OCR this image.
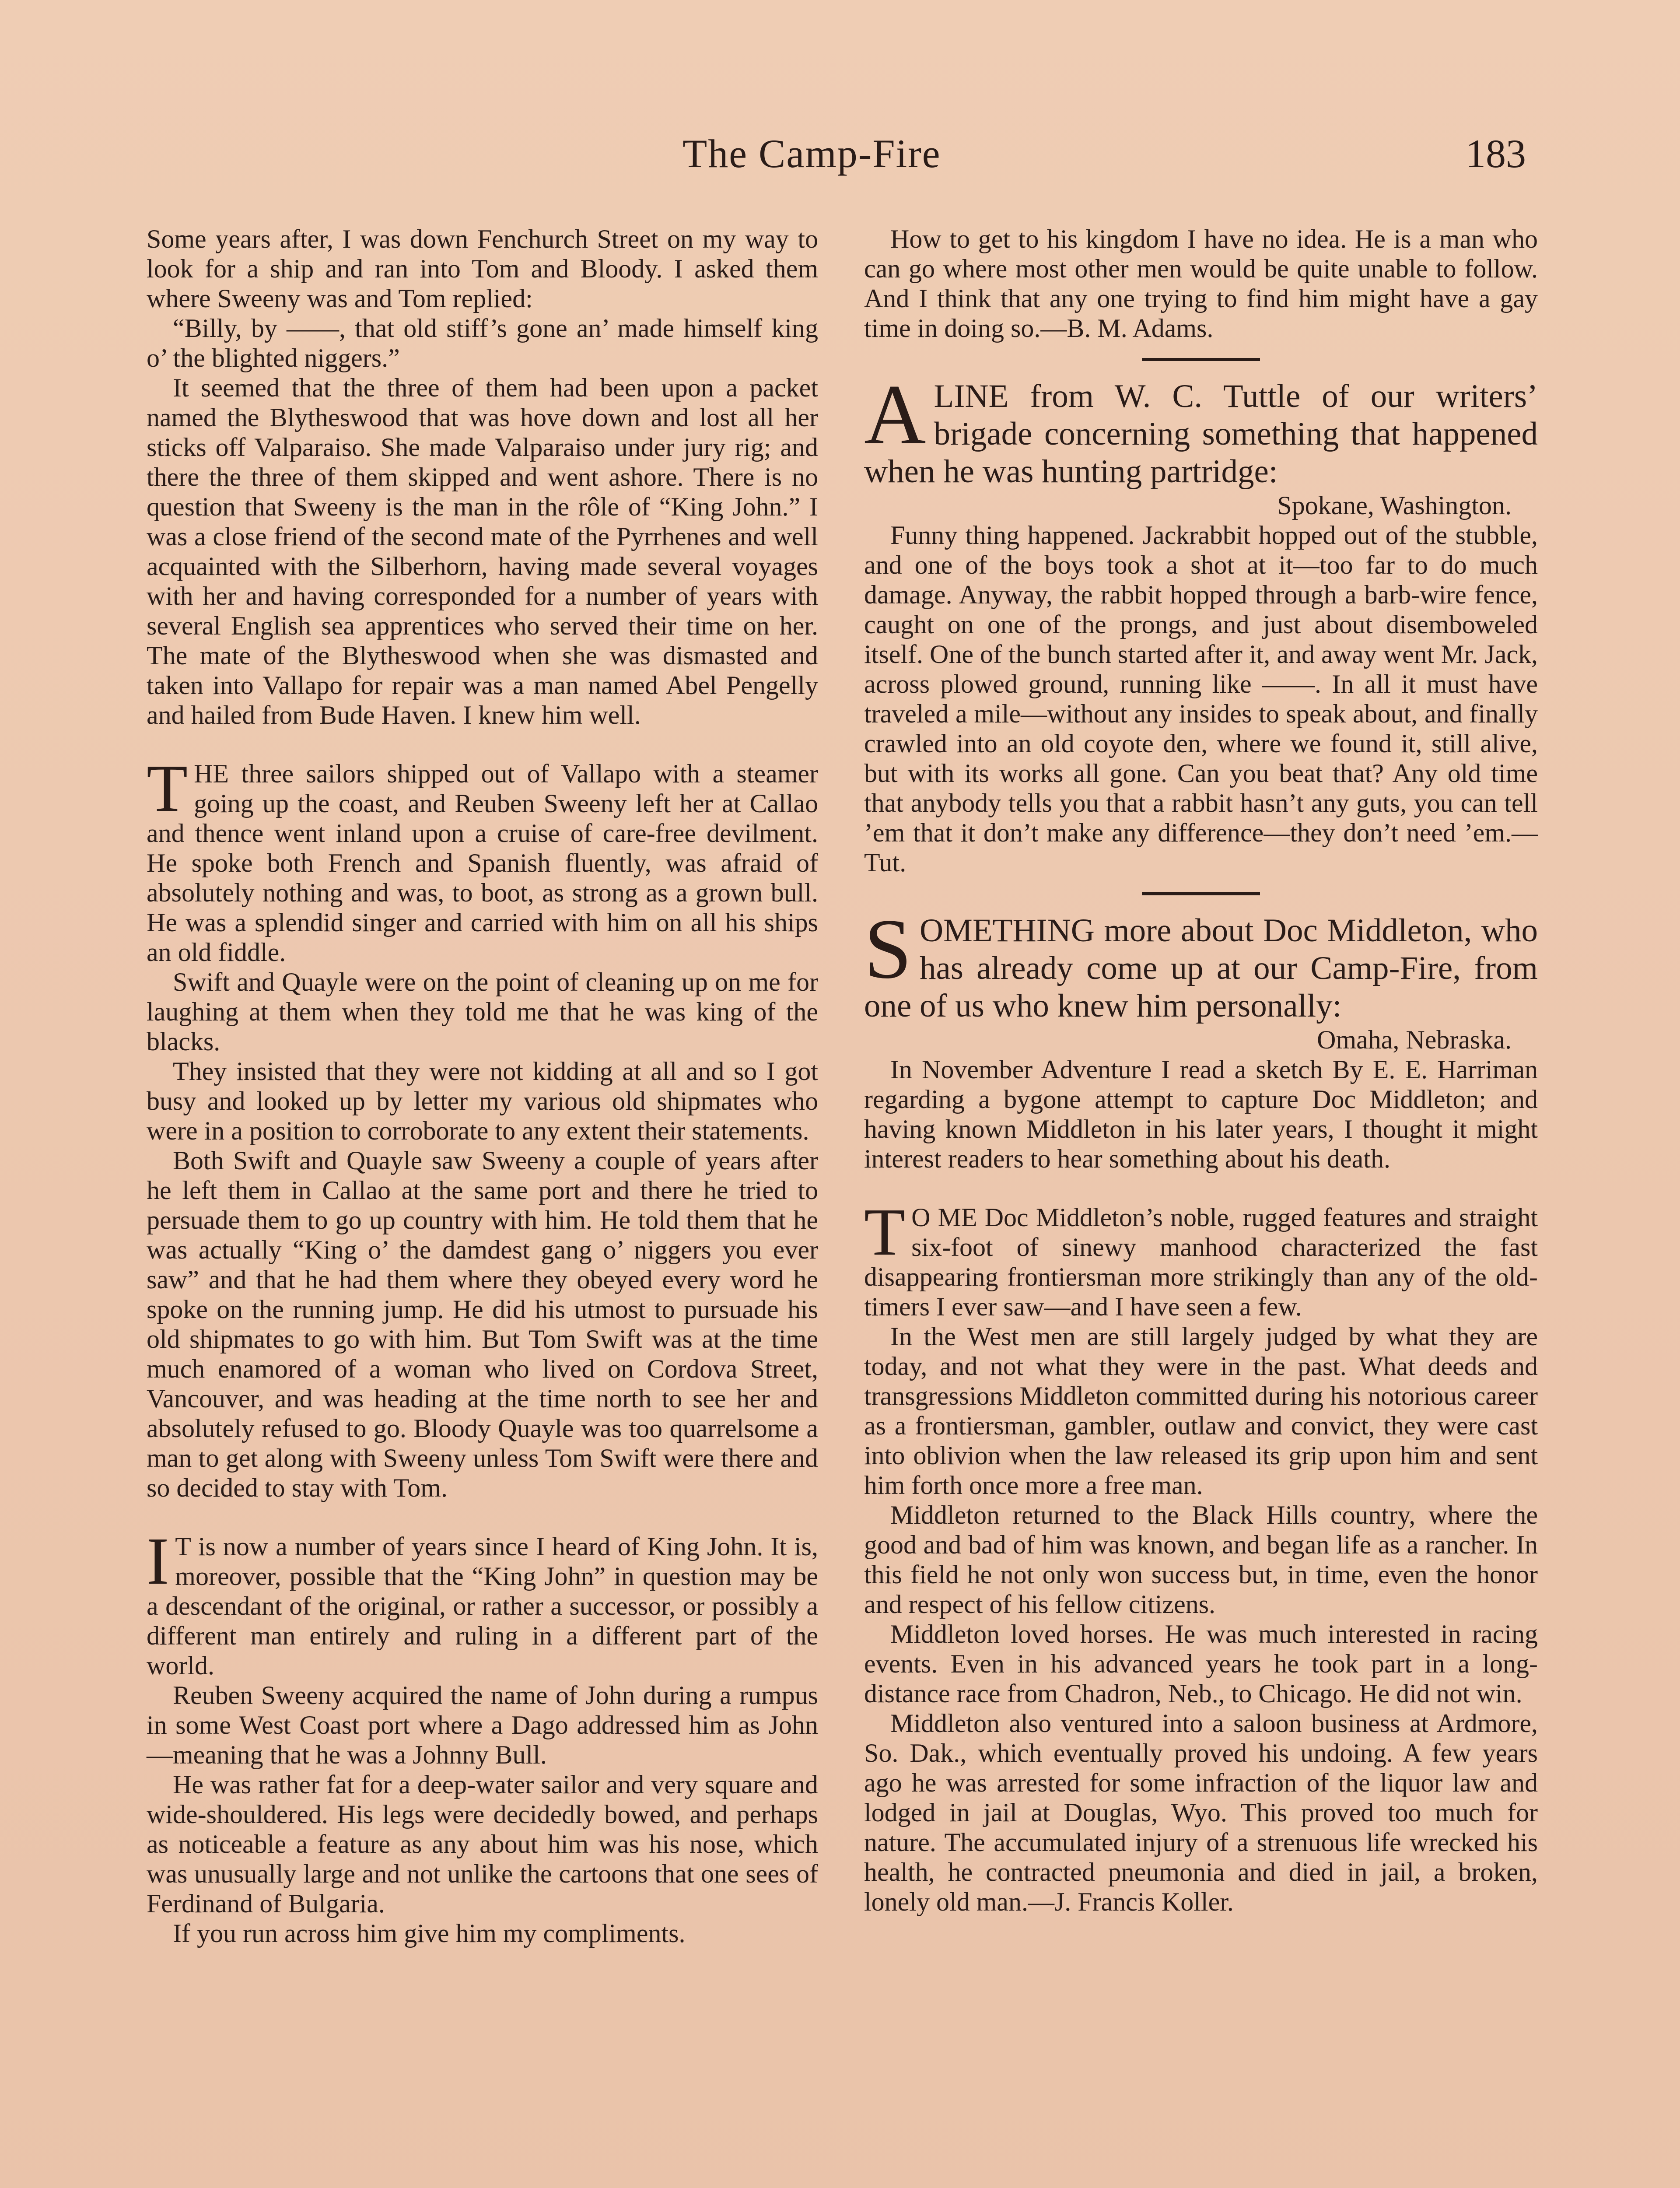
The Camp-Fire	183

Some years after, I was down Fenchurch Street on my way to look for a ship and ran into Tom and Bloody. I asked them where Sweeny was and Tom replied:

“Billy, by ——, that old stiff’s gone an’ made himself king o’ the blighted niggers.”

It seemed that the three of them had been upon a packet named the Blytheswood that was hove down and lost all her sticks off Valparaiso. She made Valparaiso under jury rig; and there the three of them skipped and went ashore. There is no question that Sweeny is the man in the rôle of “King John.” I was a close friend of the second mate of the Pyrrhenes and well acquainted with the Silberhorn, having made several voyages with her and having corresponded for a number of years with several English sea apprentices who served their time on her. The mate of the Blytheswood when she was dismasted and taken into Vallapo for repair was a man named Abel Pengelly and hailed from Bude Haven. I knew him well.

THE three sailors shipped out of Vallapo with a steamer going up the coast, and Reuben Sweeny left her at Callao and thence went inland upon a cruise of care-free devilment. He spoke both French and Spanish fluently, was afraid of absolutely nothing and was, to boot, as strong as a grown bull. He was a splendid singer and carried with him on all his ships an old fiddle.

Swift and Quayle were on the point of cleaning up on me for laughing at them when they told me that he was king of the blacks.

They insisted that they were not kidding at all and so I got busy and looked up by letter my various old shipmates who were in a position to corroborate to any extent their statements.

Both Swift and Quayle saw Sweeny a couple of years after he left them in Callao at the same port and there he tried to persuade them to go up country with him. He told them that he was actually “King o’ the damdest gang o’ niggers you ever saw” and that he had them where they obeyed every word he spoke on the running jump. He did his utmost to pursuade his old shipmates to go with him. But Tom Swift was at the time much enamored of a woman who lived on Cordova Street, Vancouver, and was heading at the time north to see her and absolutely refused to go. Bloody Quayle was too quarrelsome a man to get along with Sweeny unless Tom Swift were there and so decided to stay with Tom.

I T is now a number of years since I heard of King John. It is, moreover, possible that the “King John” in question may be a descendant of the original, or rather a successor, or possibly a different man entirely and ruling in a different part of the world.

Reuben Sweeny acquired the name of John during a rumpus in some West Coast port where a Dago addressed him as John—meaning that he was a Johnny Bull.

He was rather fat for a deep-water sailor and very square and wide-shouldered. His legs were decidedly bowed, and perhaps as noticeable a feature as any about him was his nose, which was unusually large and not unlike the cartoons that one sees of Ferdinand of Bulgaria.

If you run across him give him my compliments.

How to get to his kingdom I have no idea. He is a man who can go where most other men would be quite unable to follow. And I think that any one trying to find him might have a gay time in doing so.—B. M. Adams.

A LINE from W. C. Tuttle of our writers’ brigade concerning something that happened when he was hunting partridge:

Spokane, Washington.

Funny thing happened. Jackrabbit hopped out of the stubble, and one of the boys took a shot at it—too far to do much damage. Anyway, the rabbit hopped through a barb-wire fence, caught on one of the prongs, and just about disemboweled itself. One of the bunch started after it, and away went Mr. Jack, across plowed ground, running like ——. In all it must have traveled a mile—without any insides to speak about, and finally crawled into an old coyote den, where we found it, still alive, but with its works all gone. Can you beat that? Any old time that anybody tells you that a rabbit hasn’t any guts, you can tell ’em that it don’t make any difference—they don’t need ’em.—Tut.

SOMETHING more about Doc Middleton, who has already come up at our Camp-Fire, from one of us who knew him personally:

Omaha, Nebraska.

In November Adventure I read a sketch By E. E. Harriman regarding a bygone attempt to capture Doc Middleton; and having known Middleton in his later years, I thought it might interest readers to hear something about his death.

T O ME Doc Middleton’s noble, rugged features and straight six-foot of sinewy manhood characterized the fast disappearing frontiersman more strikingly than any of the old-timers I ever saw—and I have seen a few.

In the West men are still largely judged by what they are today, and not what they were in the past. What deeds and transgressions Middleton committed during his notorious career as a frontiersman, gambler, outlaw and convict, they were cast into oblivion when the law released its grip upon him and sent him forth once more a free man.

Middleton returned to the Black Hills country, where the good and bad of him was known, and began life as a rancher. In this field he not only won success but, in time, even the honor and respect of his fellow citizens.

Middleton loved horses. He was much interested in racing events. Even in his advanced years he took part in a long-distance race from Chadron, Neb., to Chicago. He did not win.

Middleton also ventured into a saloon business at Ardmore, So. Dak., which eventually proved his undoing. A few years ago he was arrested for some infraction of the liquor law and lodged in jail at Douglas, Wyo. This proved too much for nature. The accumulated injury of a strenuous life wrecked his health, he contracted pneumonia and died in jail, a broken, lonely old man.—J. Francis Koller.
